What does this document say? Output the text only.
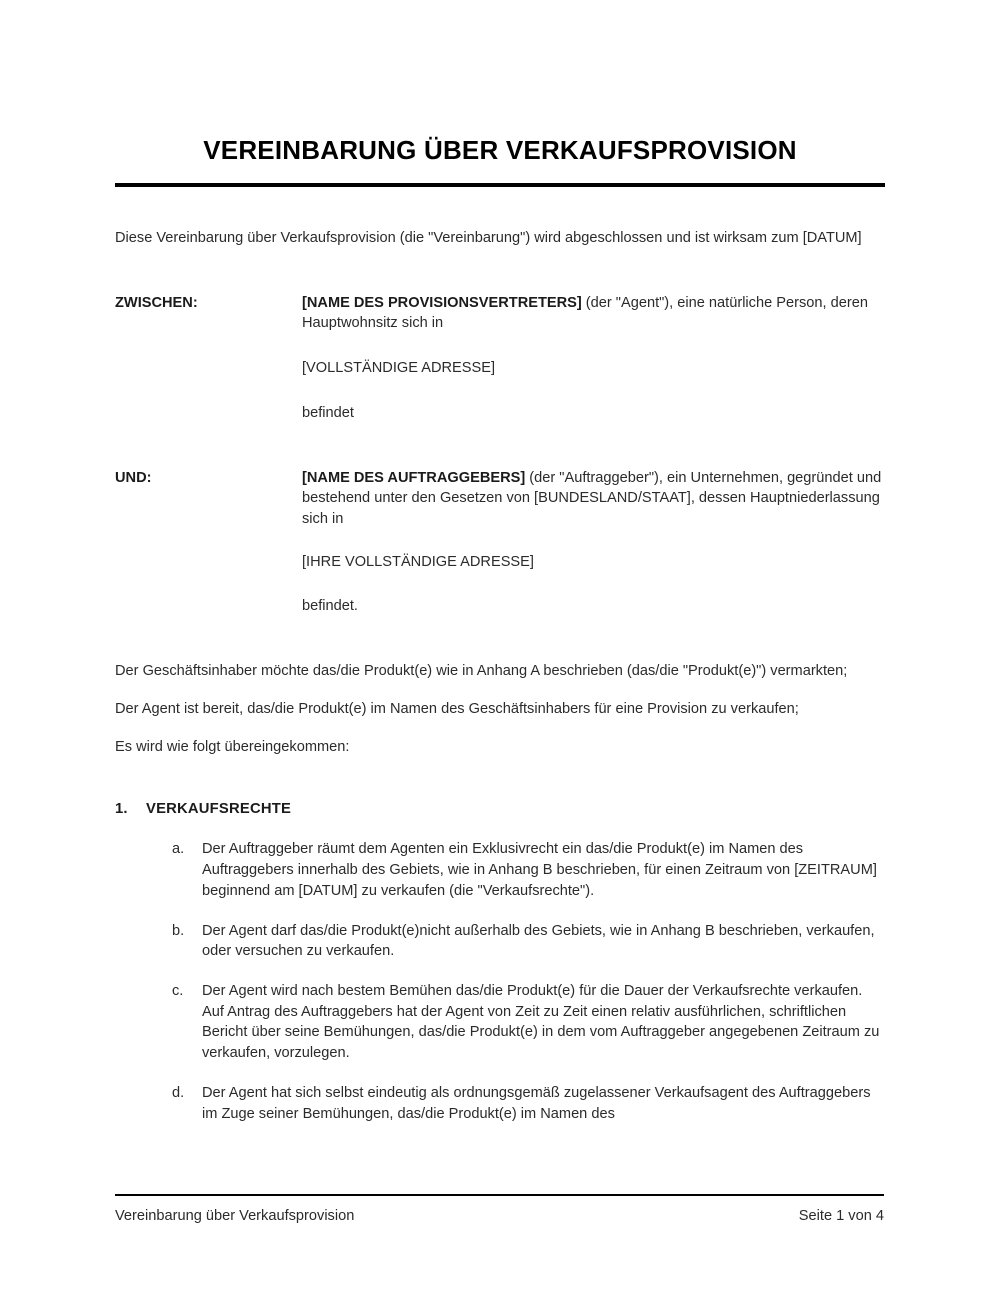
VEREINBARUNG ÜBER VERKAUFSPROVISION

Diese Vereinbarung über Verkaufsprovision (die "Vereinbarung") wird abgeschlossen und ist wirksam zum [DATUM]

ZWISCHEN:	[NAME DES PROVISIONSVERTRETERS] (der "Agent"), eine natürliche Person, deren Hauptwohnsitz sich in
[VOLLSTÄNDIGE ADRESSE]
befindet
UND:	[NAME DES AUFTRAGGEBERS] (der "Auftraggeber"), ein Unternehmen, gegründet und bestehend unter den Gesetzen von [BUNDESLAND/STAAT], dessen Hauptniederlassung sich in
[IHRE VOLLSTÄNDIGE ADRESSE]
befindet.

Der Geschäftsinhaber möchte das/die Produkt(e) wie in Anhang A beschrieben (das/die "Produkt(e)") vermarkten;

Der Agent ist bereit, das/die Produkt(e) im Namen des Geschäftsinhabers für eine Provision zu verkaufen;

Es wird wie folgt übereingekommen:

1.	VERKAUFSRECHTE
a.	Der Auftraggeber räumt dem Agenten ein Exklusivrecht ein das/die Produkt(e) im Namen des Auftraggebers innerhalb des Gebiets, wie in Anhang B beschrieben, für einen Zeitraum von [ZEITRAUM] beginnend am [DATUM] zu verkaufen (die "Verkaufsrechte").
b.	Der Agent darf das/die Produkt(e)nicht außerhalb des Gebiets, wie in Anhang B beschrieben, verkaufen, oder versuchen zu verkaufen.
c.	Der Agent wird nach bestem Bemühen das/die Produkt(e) für die Dauer der Verkaufsrechte verkaufen. Auf Antrag des Auftraggebers hat der Agent von Zeit zu Zeit einen relativ ausführlichen, schriftlichen Bericht über seine Bemühungen, das/die Produkt(e) in dem vom Auftraggeber angegebenen Zeitraum zu verkaufen, vorzulegen.
d.	Der Agent hat sich selbst eindeutig als ordnungsgemäß zugelassener Verkaufsagent des Auftraggebers im Zuge seiner Bemühungen, das/die Produkt(e) im Namen des
Vereinbarung über Verkaufsprovision	Seite 1 von 4
